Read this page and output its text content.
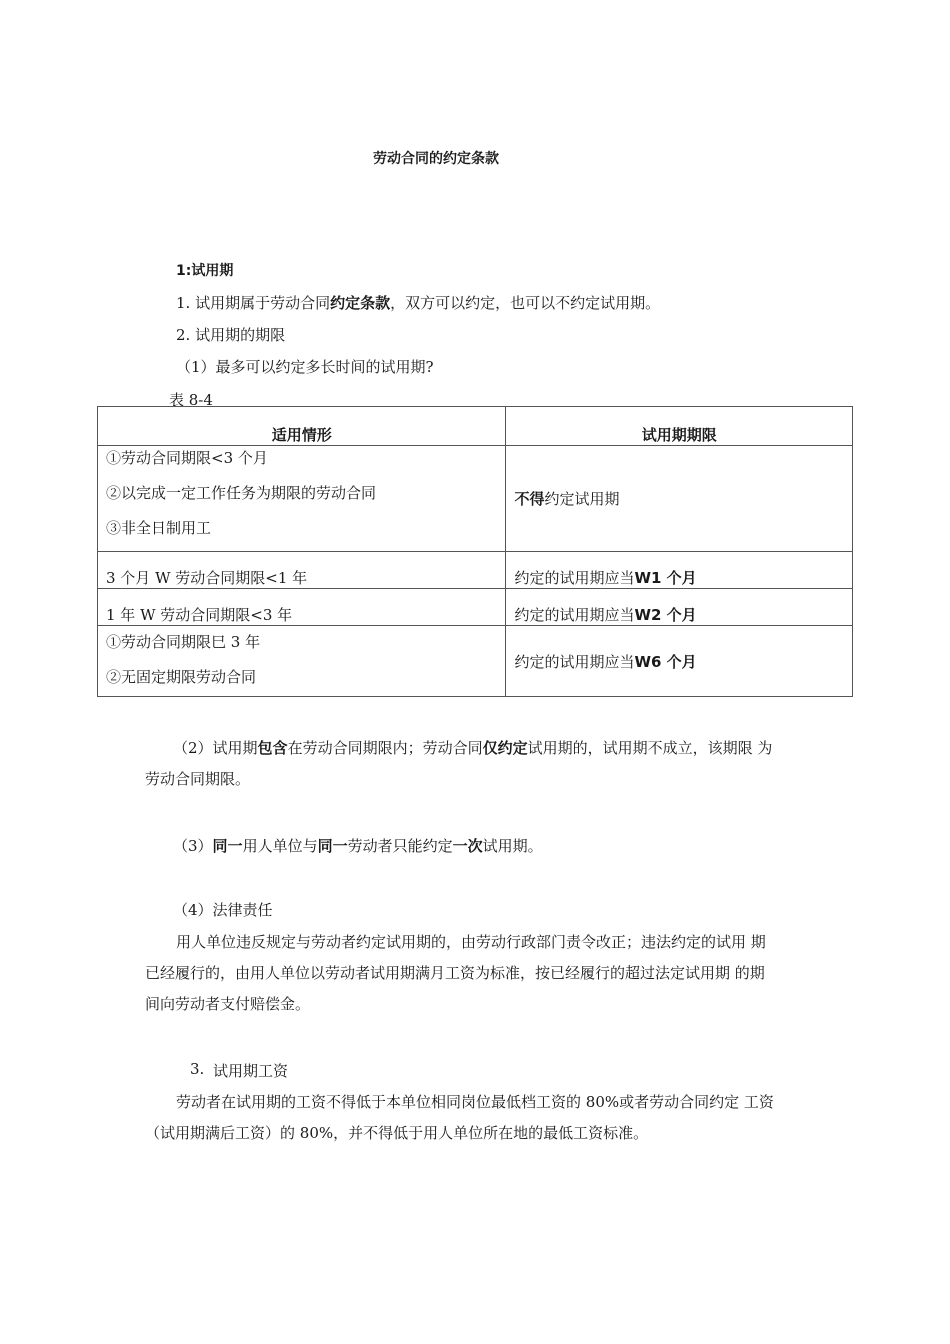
劳动合同的约定条款
1:试用期
1. 试用期属于劳动合同约定条款，双方可以约定，也可以不约定试用期。
2. 试用期的期限
（1）最多可以约定多长时间的试用期?
表 8-4
适用情形	试用期期限

①劳动合同期限<3 个月
②以完成一定工作任务为期限的劳动合同
③非全日制用工	不得约定试用期

3 个月 W 劳动合同期限<1 年	约定的试用期应当W1 个月

1 年 W 劳动合同期限<3 年	约定的试用期应当W2 个月

①劳动合同期限巳 3 年
②无固定期限劳动合同	约定的试用期应当W6 个月
（2）试用期包含在劳动合同期限内；劳动合同仅约定试用期的，试用期不成立，该期限 为
劳动合同期限。
（3）同一用人单位与同一劳动者只能约定一次试用期。
（4）法律责任
用人单位违反规定与劳动者约定试用期的，由劳动行政部门责令改正；违法约定的试用 期
已经履行的，由用人单位以劳动者试用期满月工资为标准，按已经履行的超过法定试用期 的期
间向劳动者支付赔偿金。
3. 试用期工资
劳动者在试用期的工资不得低于本单位相同岗位最低档工资的 80%或者劳动合同约定 工资
（试用期满后工资）的 80%，并不得低于用人单位所在地的最低工资标准。
